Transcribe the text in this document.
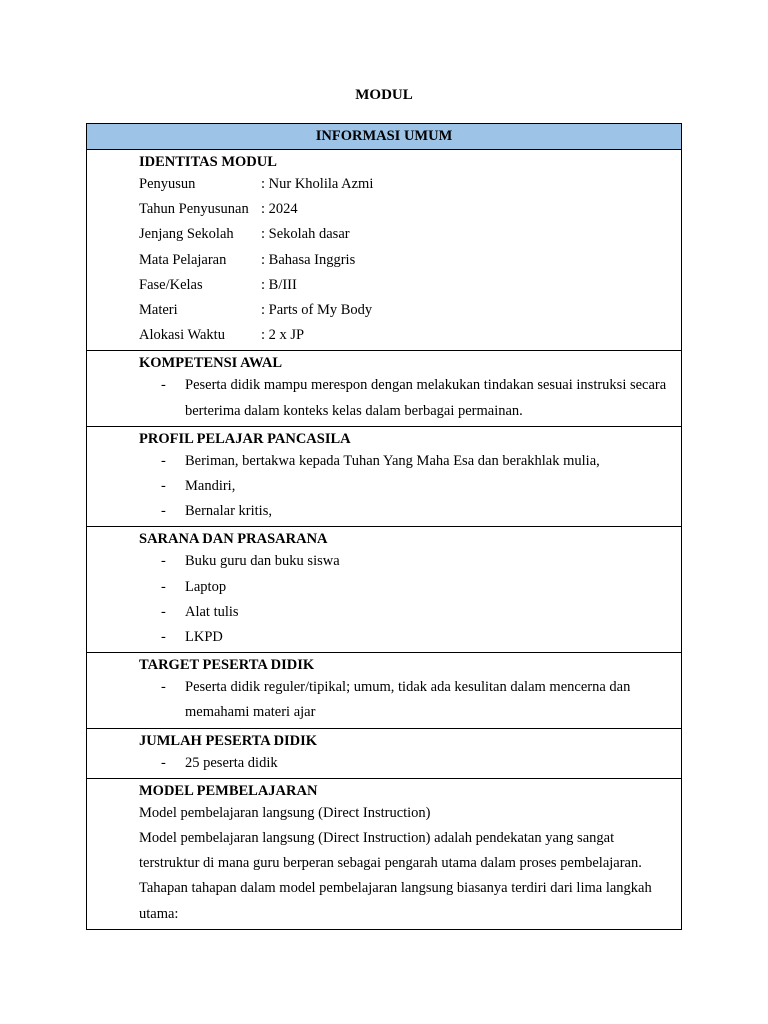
MODUL
INFORMASI UMUM

IDENTITAS MODUL
Penyusun	: Nur Kholila Azmi
Tahun Penyusunan : 2024
Jenjang Sekolah	: Sekolah dasar
Mata Pelajaran	: Bahasa Inggris
Fase/Kelas	: B/III
Materi	: Parts of My Body
Alokasi Waktu	: 2 x JP

KOMPETENSI AWAL
- Peserta didik mampu merespon dengan melakukan tindakan sesuai instruksi secara berterima dalam konteks kelas dalam berbagai permainan.

PROFIL PELAJAR PANCASILA
- Beriman, bertakwa kepada Tuhan Yang Maha Esa dan berakhlak mulia,
- Mandiri,
- Bernalar kritis,

SARANA DAN PRASARANA
- Buku guru dan buku siswa
- Laptop
- Alat tulis
- LKPD

TARGET PESERTA DIDIK
- Peserta didik reguler/tipikal; umum, tidak ada kesulitan dalam mencerna dan memahami materi ajar

JUMLAH PESERTA DIDIK
- 25 peserta didik

MODEL PEMBELAJARAN
Model pembelajaran langsung (Direct Instruction)
Model pembelajaran langsung (Direct Instruction) adalah pendekatan yang sangat terstruktur di mana guru berperan sebagai pengarah utama dalam proses pembelajaran. Tahapan tahapan dalam model pembelajaran langsung biasanya terdiri dari lima langkah utama:
